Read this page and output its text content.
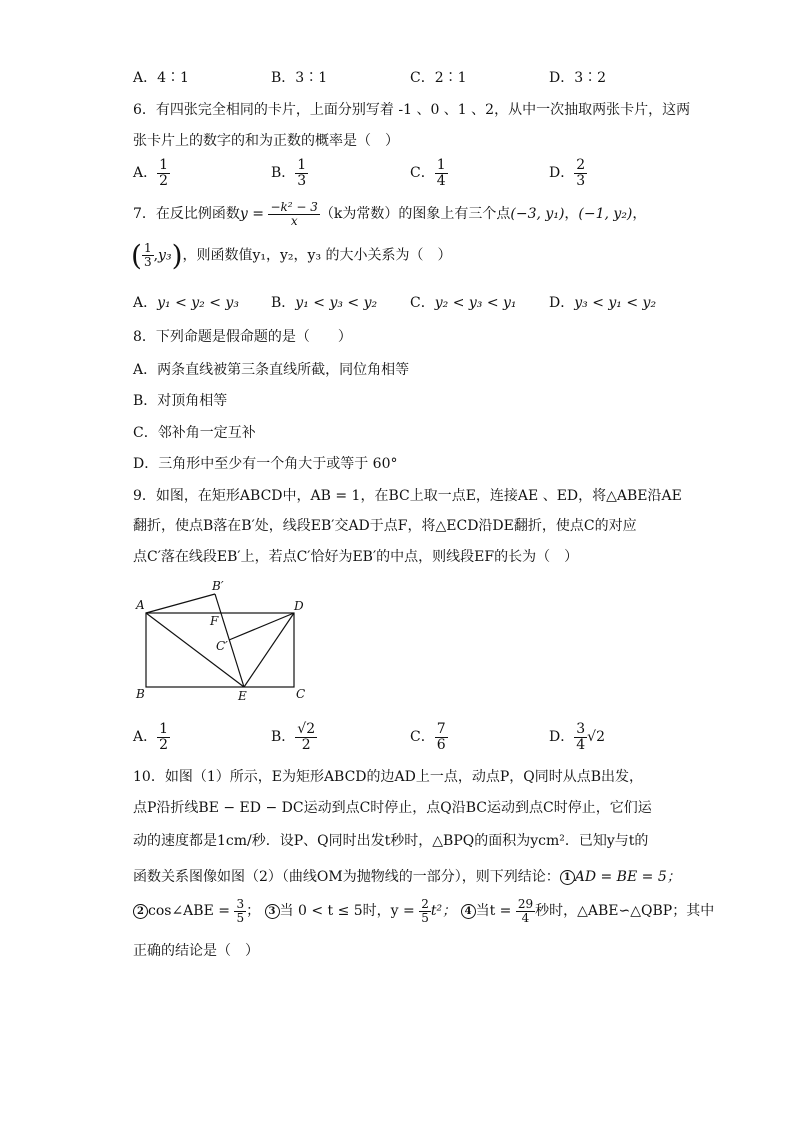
A．4∶1	B．3∶1	C．2∶1	D．3∶2
6．有四张完全相同的卡片，上面分别写着 -1 、0 、1 、2，从中一次抽取两张卡片，这两
张卡片上的数字的和为正数的概率是（　）
A． $\frac{1}{2}$	B． $\frac{1}{3}$	C． $\frac{1}{4}$	D． $\frac{2}{3}$
7．在反比例函数$y = \frac{\text{−k² − 3}}{x} (k$为常数）的图象上有三个点(−3, y₁)，(−1, y₂)，
( $\frac{1}{3} ,y_3$)，则函数值y₁，y₂，y₃ 的大小关系为（　）
A．y₁ < y₂ < y₃ B．y₁ < y₃ < y₂ C．y₂ < y₃ < y₁ D．y₃ < y₁ < y₂
8．下列命题是假命题的是（　　）
A．两条直线被第三条直线所截，同位角相等
B．对顶角相等
C．邻补角一定互补
D．三角形中至少有一个角大于或等于 60°
9．如图，在矩形ABCD中，AB = 1，在BC上取一点E，连接AE 、ED，将△ABE沿AE
翻折，使点B落在B′处，线段EB′交AD于点F，将△ECD沿DE翻折，使点C的对应
点C′落在线段EB′上，若点C′恰好为EB′的中点，则线段EF的长为（　）
A	D
B	C
E
F
B′
C′
A． $\frac{1}{2}$	B． $\frac{√2}{2}$	C． $\frac{7}{6}$	D． $\frac{3}{4} √2$
10．如图（1）所示，E为矩形ABCD的边AD上一点，动点P，Q同时从点B出发，
点P沿折线BE − ED − DC运动到点C时停止，点Q沿BC运动到点C时停止，它们运
动的速度都是1cm/秒．设P、Q同时出发t秒时，△BPQ的面积为ycm²．已知y与t的
函数关系图像如图（2）（曲线OM为抛物线的一部分），则下列结论： 1 AD = BE = 5；
2 cos∠ABE = $\frac{3}{5}$ ； 3 当 0 < t ≤ 5时，$y = \frac{2}{5} t^2$； 4 当$t = \frac{29}{4}$ 秒时，△ABE∽△QBP；其中
正确的结论是（　）
